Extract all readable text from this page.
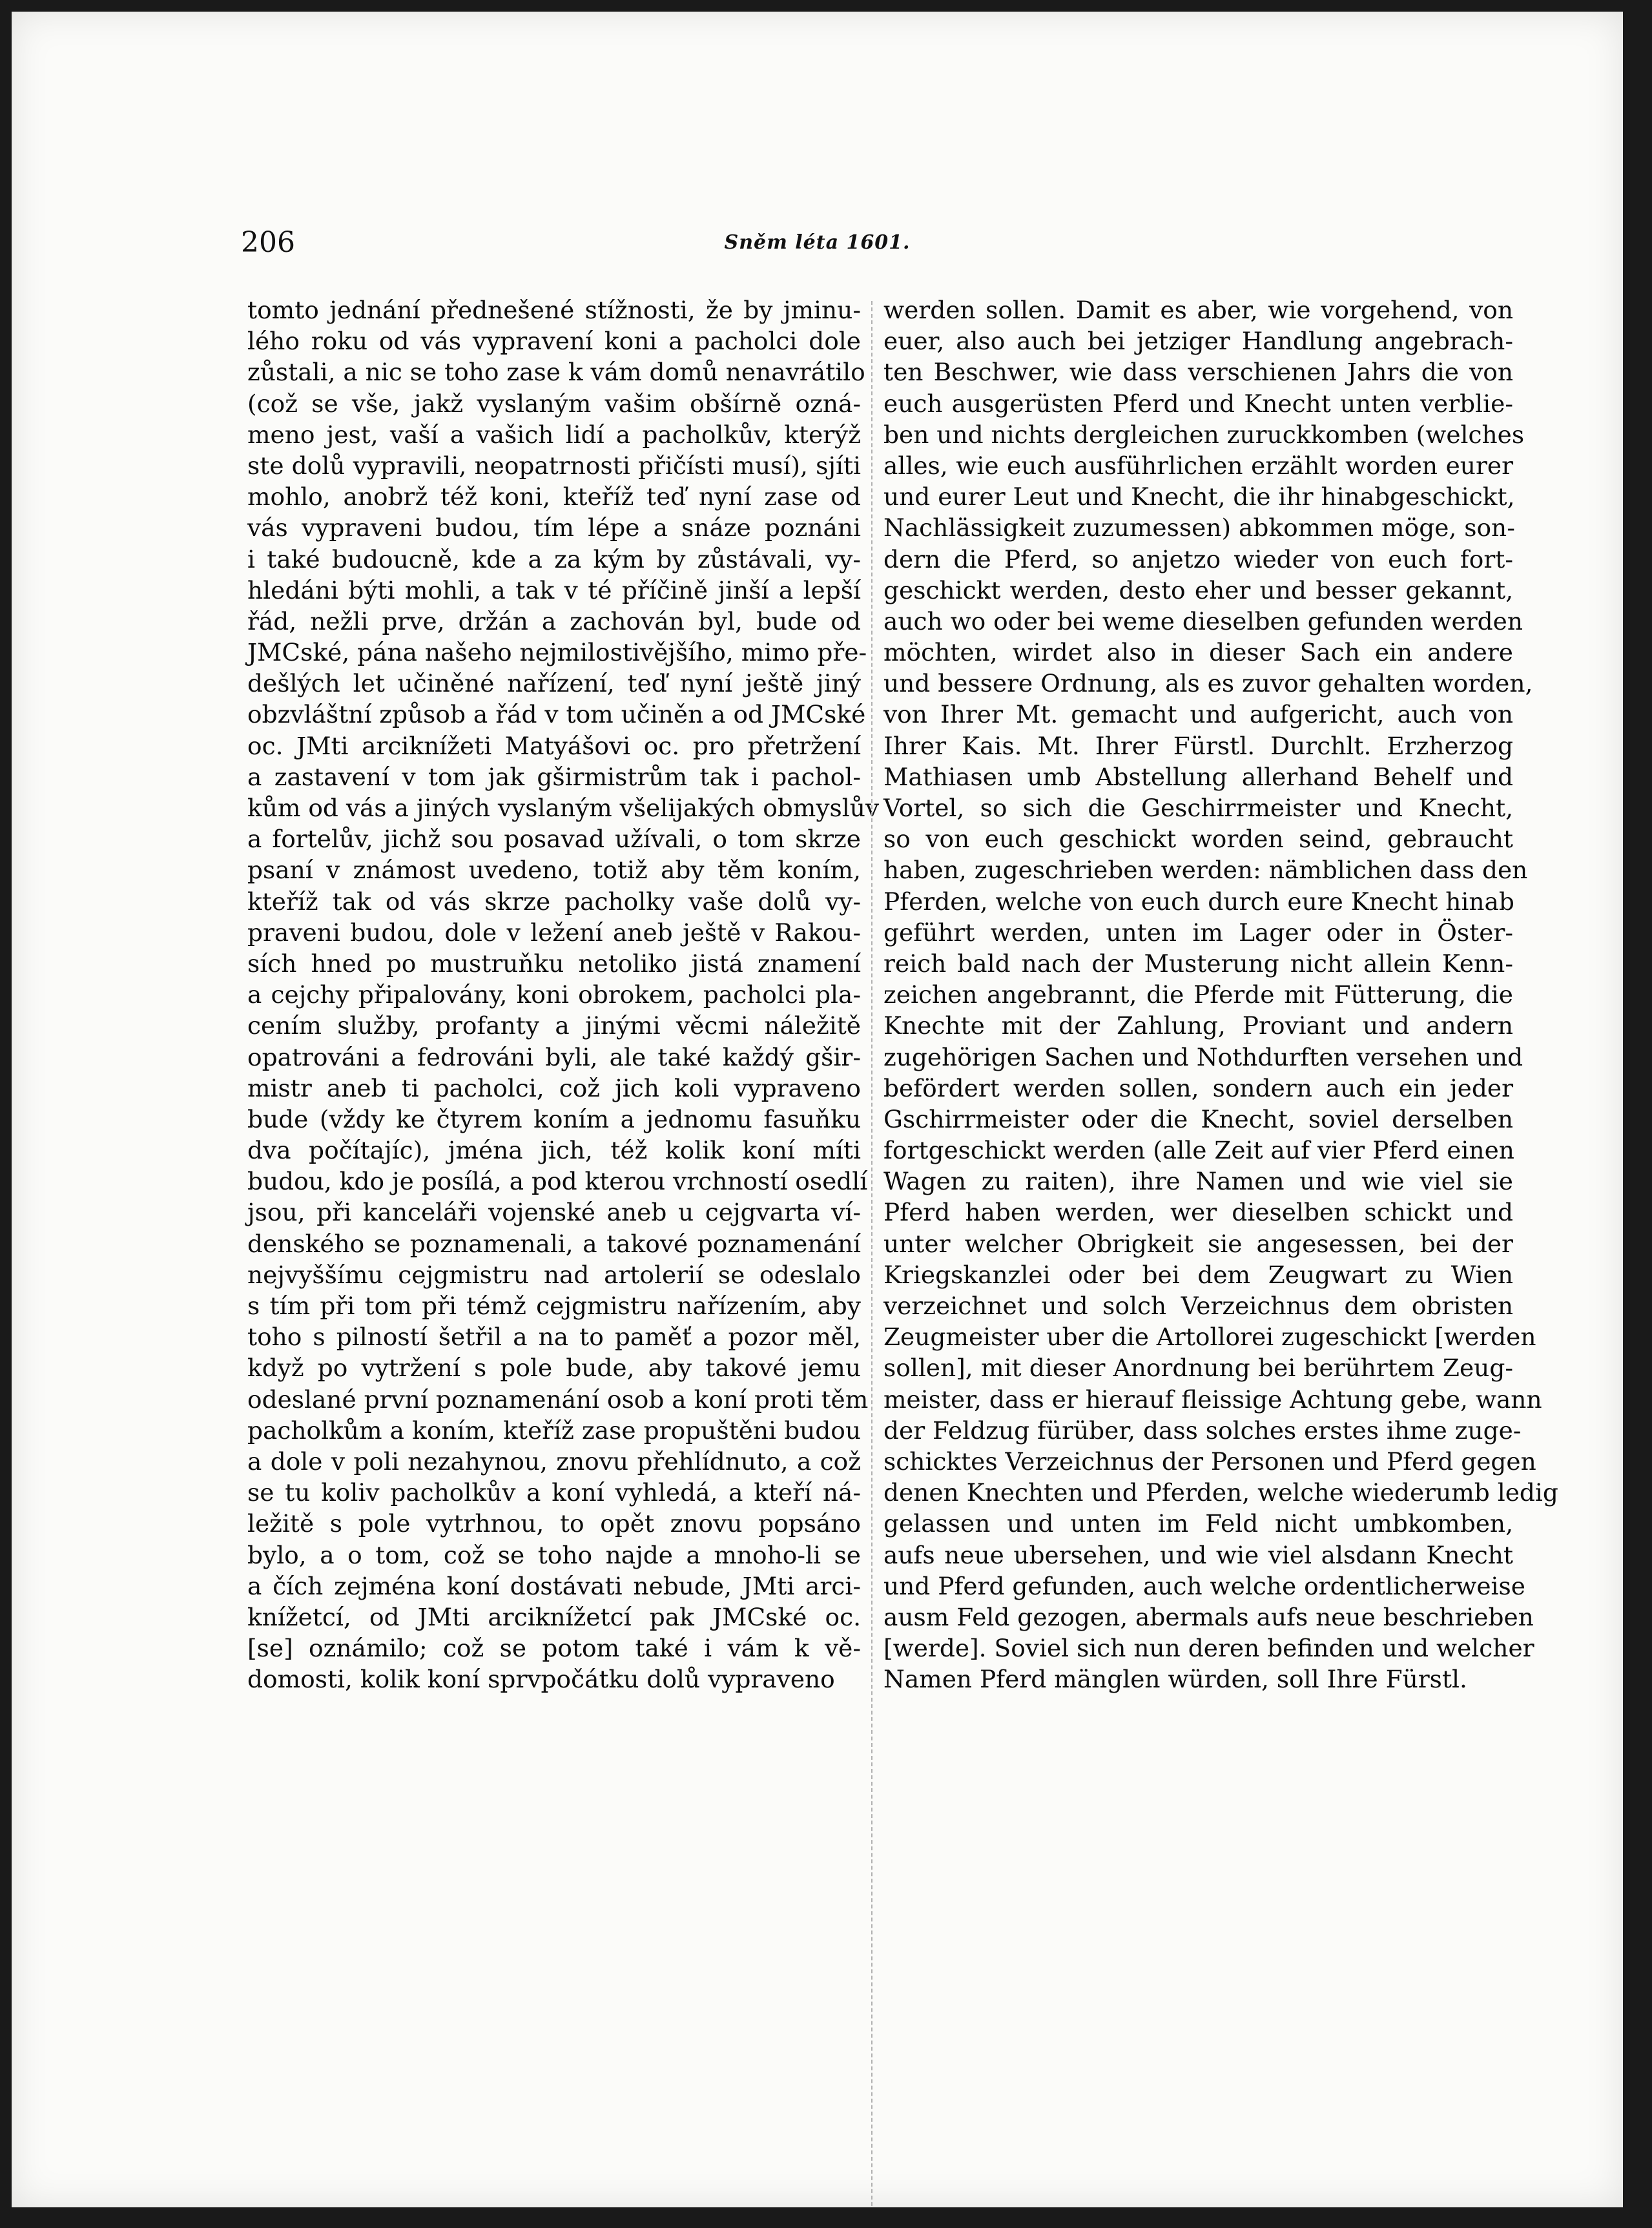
206	Sněm léta 1601.
tomto jednání přednešené stížnosti, že by jminu-
lého roku od vás vypravení koni a pacholci dole
zůstali, a nic se toho zase k vám domů nenavrátilo
(což se vše, jakž vyslaným vašim obšírně ozná-
meno jest, vaší a vašich lidí a pacholkův, kterýž
ste dolů vypravili, neopatrnosti přičísti musí), sjíti
mohlo, anobrž též koni, kteříž teď nyní zase od
vás vypraveni budou, tím lépe a snáze poznáni
i také budoucně, kde a za kým by zůstávali, vy-
hledáni býti mohli, a tak v té příčině jinší a lepší
řád, nežli prve, držán a zachován byl, bude od
JMCské, pána našeho nejmilostivějšího, mimo pře-
dešlých let učiněné nařízení, teď nyní ještě jiný
obzvláštní způsob a řád v tom učiněn a od JMCské
oc. JMti arciknížeti Matyášovi oc. pro přetržení
a zastavení v tom jak gširmistrům tak i pachol-
kům od vás a jiných vyslaným všelijakých obmyslův
a fortelův, jichž sou posavad užívali, o tom skrze
psaní v známost uvedeno, totiž aby těm koním,
kteříž tak od vás skrze pacholky vaše dolů vy-
praveni budou, dole v ležení aneb ještě v Rakou-
sích hned po mustruňku netoliko jistá znamení
a cejchy připalovány, koni obrokem, pacholci pla-
cením služby, profanty a jinými věcmi náležitě
opatrováni a fedrováni byli, ale také každý gšir-
mistr aneb ti pacholci, což jich koli vypraveno
bude (vždy ke čtyrem koním a jednomu fasuňku
dva počítajíc), jména jich, též kolik koní míti
budou, kdo je posílá, a pod kterou vrchností osedlí
jsou, při kanceláři vojenské aneb u cejgvarta ví-
denského se poznamenali, a takové poznamenání
nejvyššímu cejgmistru nad artolerií se odeslalo
s tím při tom při témž cejgmistru nařízením, aby
toho s pilností šetřil a na to paměť a pozor měl,
když po vytržení s pole bude, aby takové jemu
odeslané první poznamenání osob a koní proti těm
pacholkům a koním, kteříž zase propuštěni budou
a dole v poli nezahynou, znovu přehlídnuto, a což
se tu koliv pacholkův a koní vyhledá, a kteří ná-
ležitě s pole vytrhnou, to opět znovu popsáno
bylo, a o tom, což se toho najde a mnoho-li se
a čích zejména koní dostávati nebude, JMti arci-
knížetcí, od JMti arciknížetcí pak JMCské oc.
[se] oznámilo; což se potom také i vám k vě-
domosti, kolik koní sprvpočátku dolů vypraveno
werden sollen. Damit es aber, wie vorgehend, von
euer, also auch bei jetziger Handlung angebrach-
ten Beschwer, wie dass verschienen Jahrs die von
euch ausgerüsten Pferd und Knecht unten verblie-
ben und nichts dergleichen zuruckkomben (welches
alles, wie euch ausführlichen erzählt worden eurer
und eurer Leut und Knecht, die ihr hinabgeschickt,
Nachlässigkeit zuzumessen) abkommen möge, son-
dern die Pferd, so anjetzo wieder von euch fort-
geschickt werden, desto eher und besser gekannt,
auch wo oder bei weme dieselben gefunden werden
möchten, wirdet also in dieser Sach ein andere
und bessere Ordnung, als es zuvor gehalten worden,
von Ihrer Mt. gemacht und aufgericht, auch von
Ihrer Kais. Mt. Ihrer Fürstl. Durchlt. Erzherzog
Mathiasen umb Abstellung allerhand Behelf und
Vortel, so sich die Geschirrmeister und Knecht,
so von euch geschickt worden seind, gebraucht
haben, zugeschrieben werden: nämblichen dass den
Pferden, welche von euch durch eure Knecht hinab
geführt werden, unten im Lager oder in Öster-
reich bald nach der Musterung nicht allein Kenn-
zeichen angebrannt, die Pferde mit Fütterung, die
Knechte mit der Zahlung, Proviant und andern
zugehörigen Sachen und Nothdurften versehen und
befördert werden sollen, sondern auch ein jeder
Gschirrmeister oder die Knecht, soviel derselben
fortgeschickt werden (alle Zeit auf vier Pferd einen
Wagen zu raiten), ihre Namen und wie viel sie
Pferd haben werden, wer dieselben schickt und
unter welcher Obrigkeit sie angesessen, bei der
Kriegskanzlei oder bei dem Zeugwart zu Wien
verzeichnet und solch Verzeichnus dem obristen
Zeugmeister uber die Artollorei zugeschickt [werden
sollen], mit dieser Anordnung bei berührtem Zeug-
meister, dass er hierauf fleissige Achtung gebe, wann
der Feldzug fürüber, dass solches erstes ihme zuge-
schicktes Verzeichnus der Personen und Pferd gegen
denen Knechten und Pferden, welche wiederumb ledig
gelassen und unten im Feld nicht umbkomben,
aufs neue ubersehen, und wie viel alsdann Knecht
und Pferd gefunden, auch welche ordentlicherweise
ausm Feld gezogen, abermals aufs neue beschrieben
[werde]. Soviel sich nun deren befinden und welcher
Namen Pferd mänglen würden, soll Ihre Fürstl.
